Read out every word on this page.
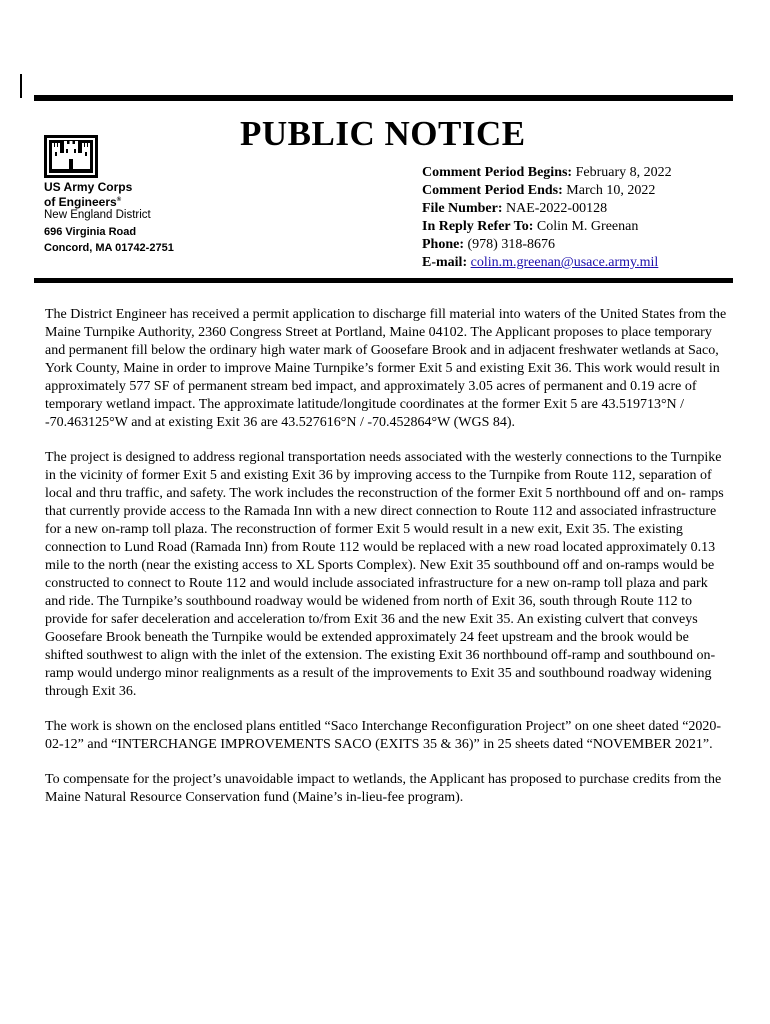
PUBLIC NOTICE
US Army Corps
of Engineers®
New England District
696 Virginia Road
Concord, MA 01742-2751
Comment Period Begins: February 8, 2022
Comment Period Ends: March 10, 2022
File Number: NAE-2022-00128
In Reply Refer To: Colin M. Greenan
Phone: (978) 318-8676
E-mail: colin.m.greenan@usace.army.mil

The District Engineer has received a permit application to discharge fill material into waters of the United States from the Maine Turnpike Authority, 2360 Congress Street at Portland, Maine 04102. The Applicant proposes to place temporary and permanent fill below the ordinary high water mark of Goosefare Brook and in adjacent freshwater wetlands at Saco, York County, Maine in order to improve Maine Turnpike’s former Exit 5 and existing Exit 36. This work would result in approximately 577 SF of permanent stream bed impact, and approximately 3.05 acres of permanent and 0.19 acre of temporary wetland impact. The approximate latitude/longitude coordinates at the former Exit 5 are 43.519713°N / -70.463125°W and at existing Exit 36 are 43.527616°N / -70.452864°W (WGS 84).

The project is designed to address regional transportation needs associated with the westerly connections to the Turnpike in the vicinity of former Exit 5 and existing Exit 36 by improving access to the Turnpike from Route 112, separation of local and thru traffic, and safety. The work includes the reconstruction of the former Exit 5 northbound off and on- ramps that currently provide access to the Ramada Inn with a new direct connection to Route 112 and associated infrastructure for a new on-ramp toll plaza. The reconstruction of former Exit 5 would result in a new exit, Exit 35. The existing connection to Lund Road (Ramada Inn) from Route 112 would be replaced with a new road located approximately 0.13 mile to the north (near the existing access to XL Sports Complex). New Exit 35 southbound off and on-ramps would be constructed to connect to Route 112 and would include associated infrastructure for a new on-ramp toll plaza and park and ride. The Turnpike’s southbound roadway would be widened from north of Exit 36, south through Route 112 to provide for safer deceleration and acceleration to/from Exit 36 and the new Exit 35. An existing culvert that conveys Goosefare Brook beneath the Turnpike would be extended approximately 24 feet upstream and the brook would be shifted southwest to align with the inlet of the extension. The existing Exit 36 northbound off-ramp and southbound on-ramp would undergo minor realignments as a result of the improvements to Exit 35 and southbound roadway widening through Exit 36.

The work is shown on the enclosed plans entitled “Saco Interchange Reconfiguration Project” on one sheet dated “2020-02-12” and “INTERCHANGE IMPROVEMENTS SACO (EXITS 35 & 36)” in 25 sheets dated “NOVEMBER 2021”.

To compensate for the project’s unavoidable impact to wetlands, the Applicant has proposed to purchase credits from the Maine Natural Resource Conservation fund (Maine’s in-lieu-fee program).
